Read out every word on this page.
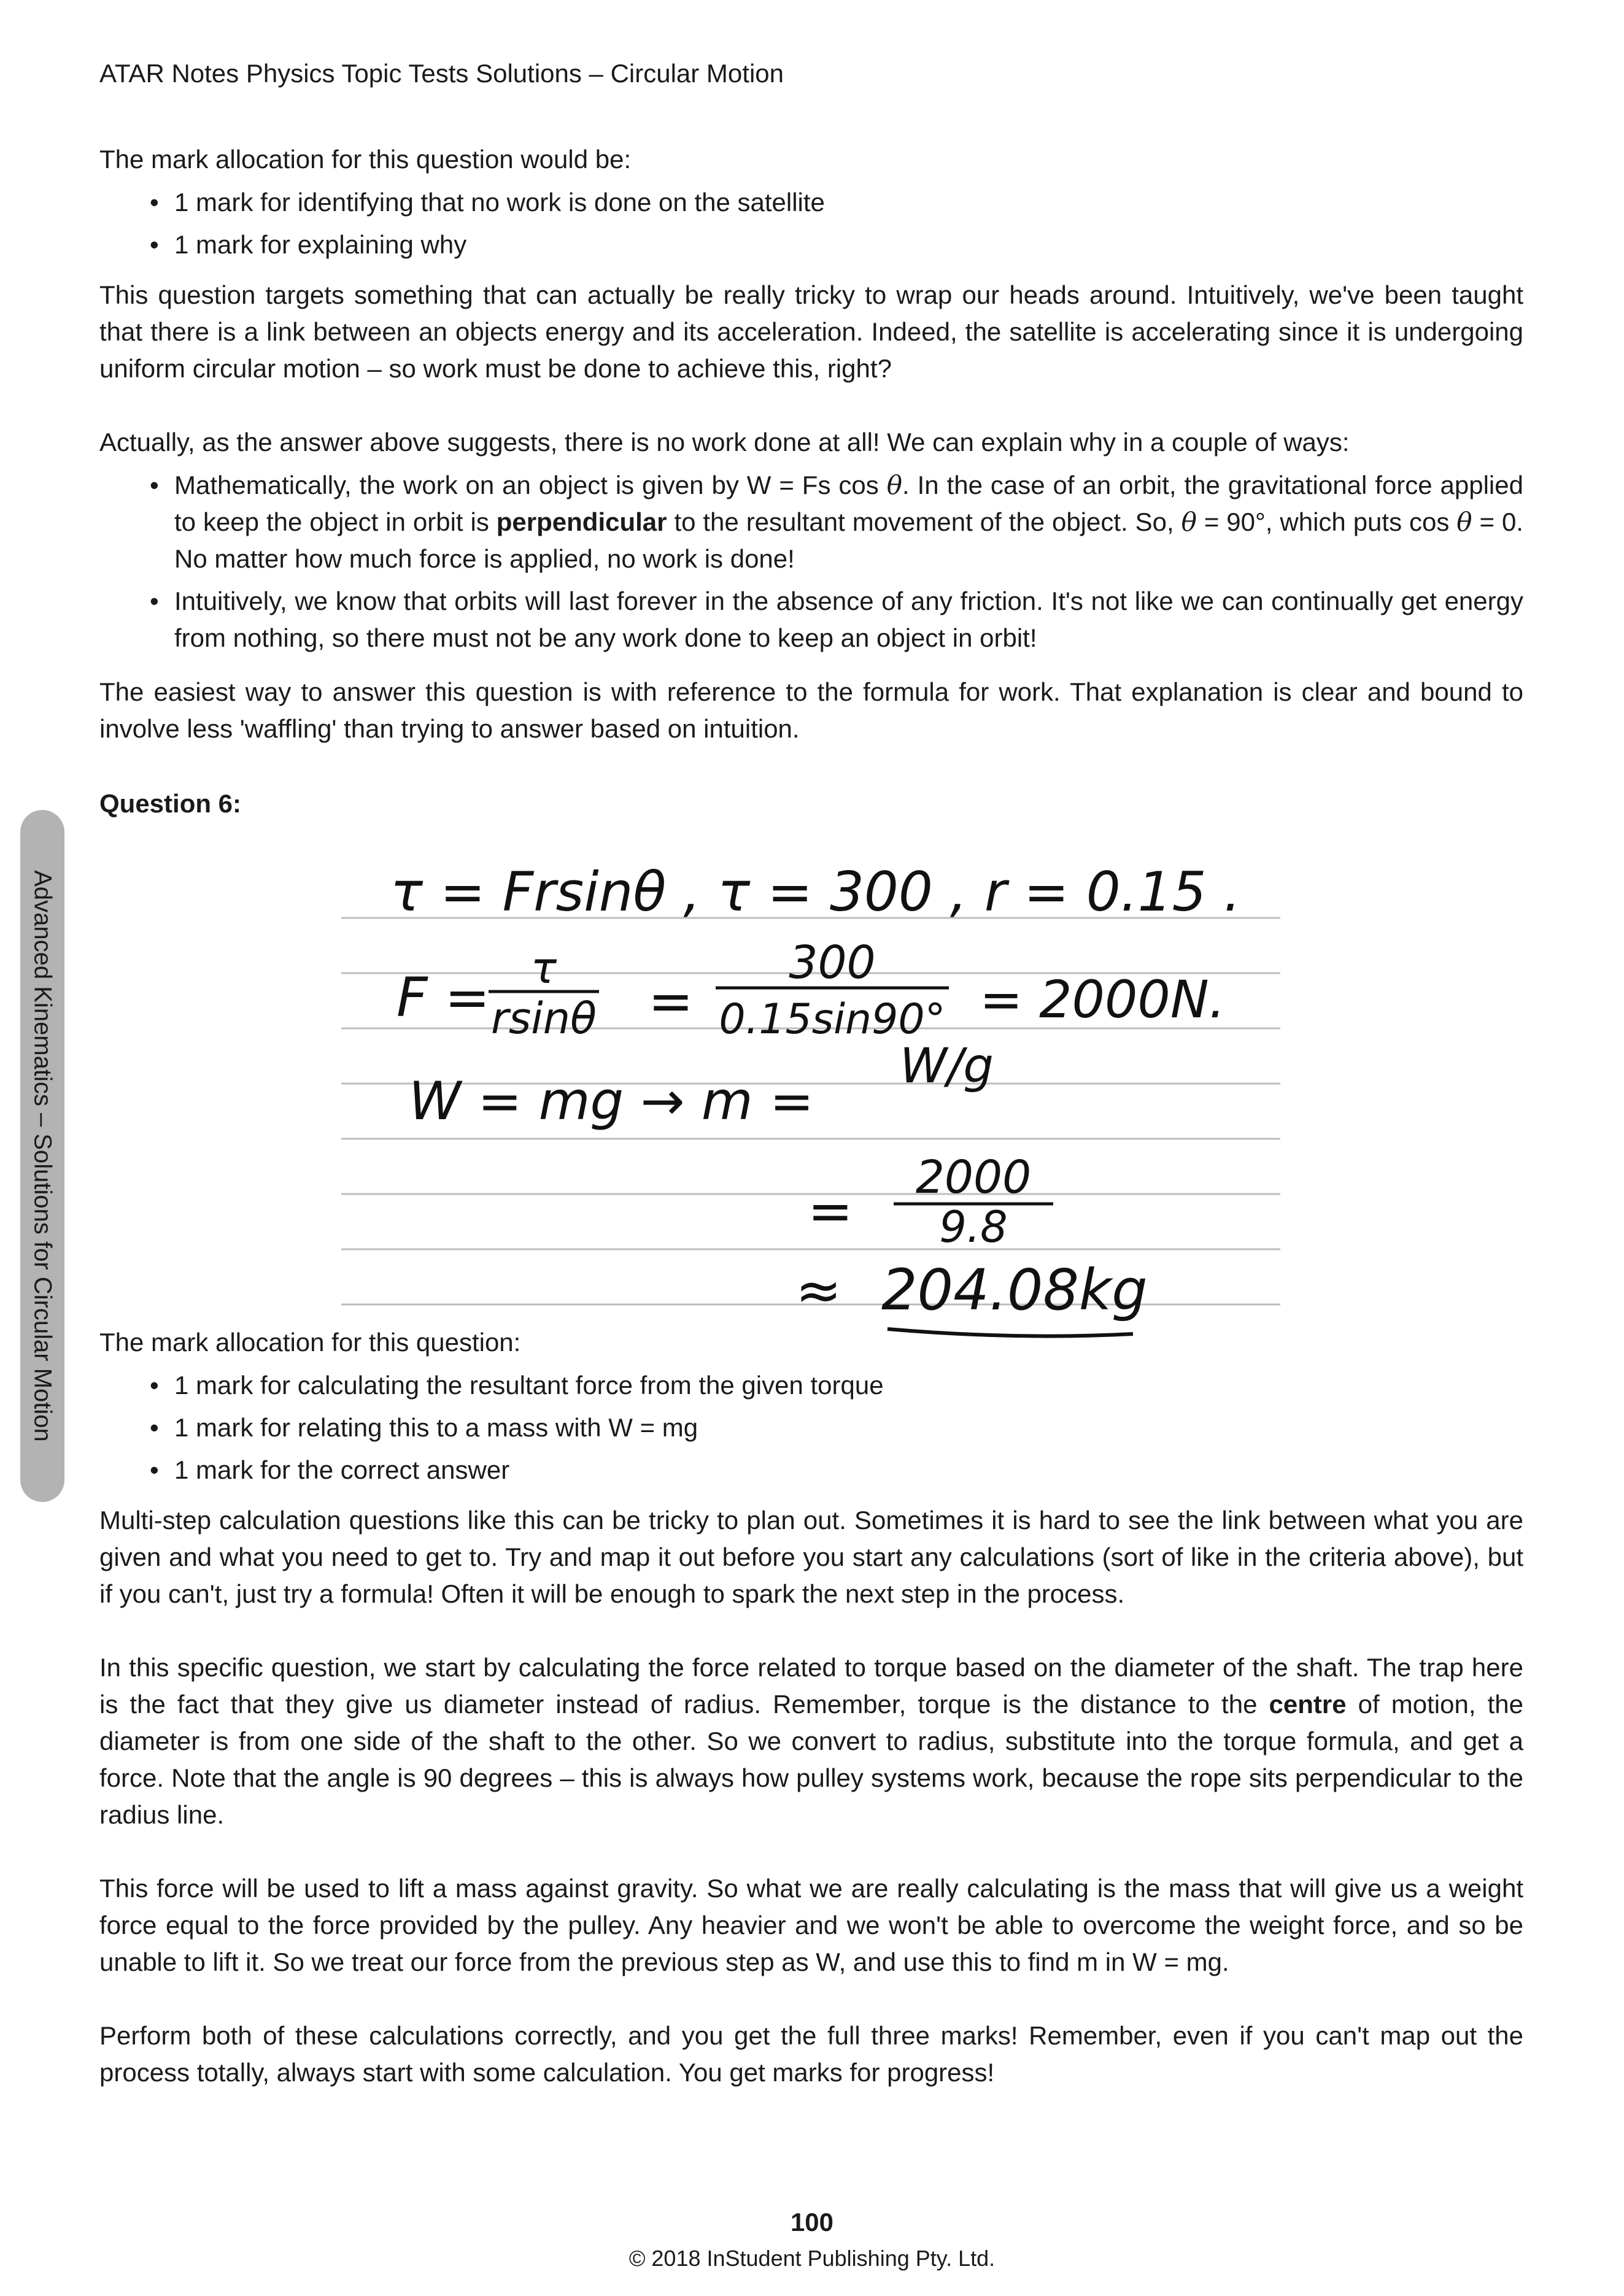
ATAR Notes Physics Topic Tests Solutions – Circular Motion
Advanced Kinematics – Solutions for Circular Motion

The mark allocation for this question would be:

• 1 mark for identifying that no work is done on the satellite
• 1 mark for explaining why

This question targets something that can actually be really tricky to wrap our heads around. Intuitively, we've been taught that there is a link between an objects energy and its acceleration. Indeed, the satellite is accelerating since it is undergoing uniform circular motion – so work must be done to achieve this, right?

Actually, as the answer above suggests, there is no work done at all! We can explain why in a couple of ways:

• Mathematically, the work on an object is given by W = Fs cos θ. In the case of an orbit, the gravitational force applied to keep the object in orbit is perpendicular to the resultant movement of the object. So, θ = 90°, which puts cos θ = 0. No matter how much force is applied, no work is done!
• Intuitively, we know that orbits will last forever in the absence of any friction. It's not like we can continually get energy from nothing, so there must not be any work done to keep an object in orbit!

The easiest way to answer this question is with reference to the formula for work. That explanation is clear and bound to involve less 'waffling' than trying to answer based on intuition.

Question 6:

The mark allocation for this question:

• 1 mark for calculating the resultant force from the given torque
• 1 mark for relating this to a mass with W = mg
• 1 mark for the correct answer

Multi-step calculation questions like this can be tricky to plan out. Sometimes it is hard to see the link between what you are given and what you need to get to. Try and map it out before you start any calculations (sort of like in the criteria above), but if you can't, just try a formula! Often it will be enough to spark the next step in the process.

In this specific question, we start by calculating the force related to torque based on the diameter of the shaft. The trap here is the fact that they give us diameter instead of radius. Remember, torque is the distance to the centre of motion, the diameter is from one side of the shaft to the other. So we convert to radius, substitute into the torque formula, and get a force. Note that the angle is 90 degrees – this is always how pulley systems work, because the rope sits perpendicular to the radius line.

This force will be used to lift a mass against gravity. So what we are really calculating is the mass that will give us a weight force equal to the force provided by the pulley. Any heavier and we won't be able to overcome the weight force, and so be unable to lift it. So we treat our force from the previous step as W, and use this to find m in W = mg.

Perform both of these calculations correctly, and you get the full three marks! Remember, even if you can't map out the process totally, always start with some calculation. You get marks for progress!

τ = Frsinθ , τ = 300 , r = 0.15 .
F = τ
rsinθ =
300
0.15sin90° = 2000N.
W = mg → m =
W/g
2000
9.8
=
≈ 204.08kg
100
© 2018 InStudent Publishing Pty. Ltd.
